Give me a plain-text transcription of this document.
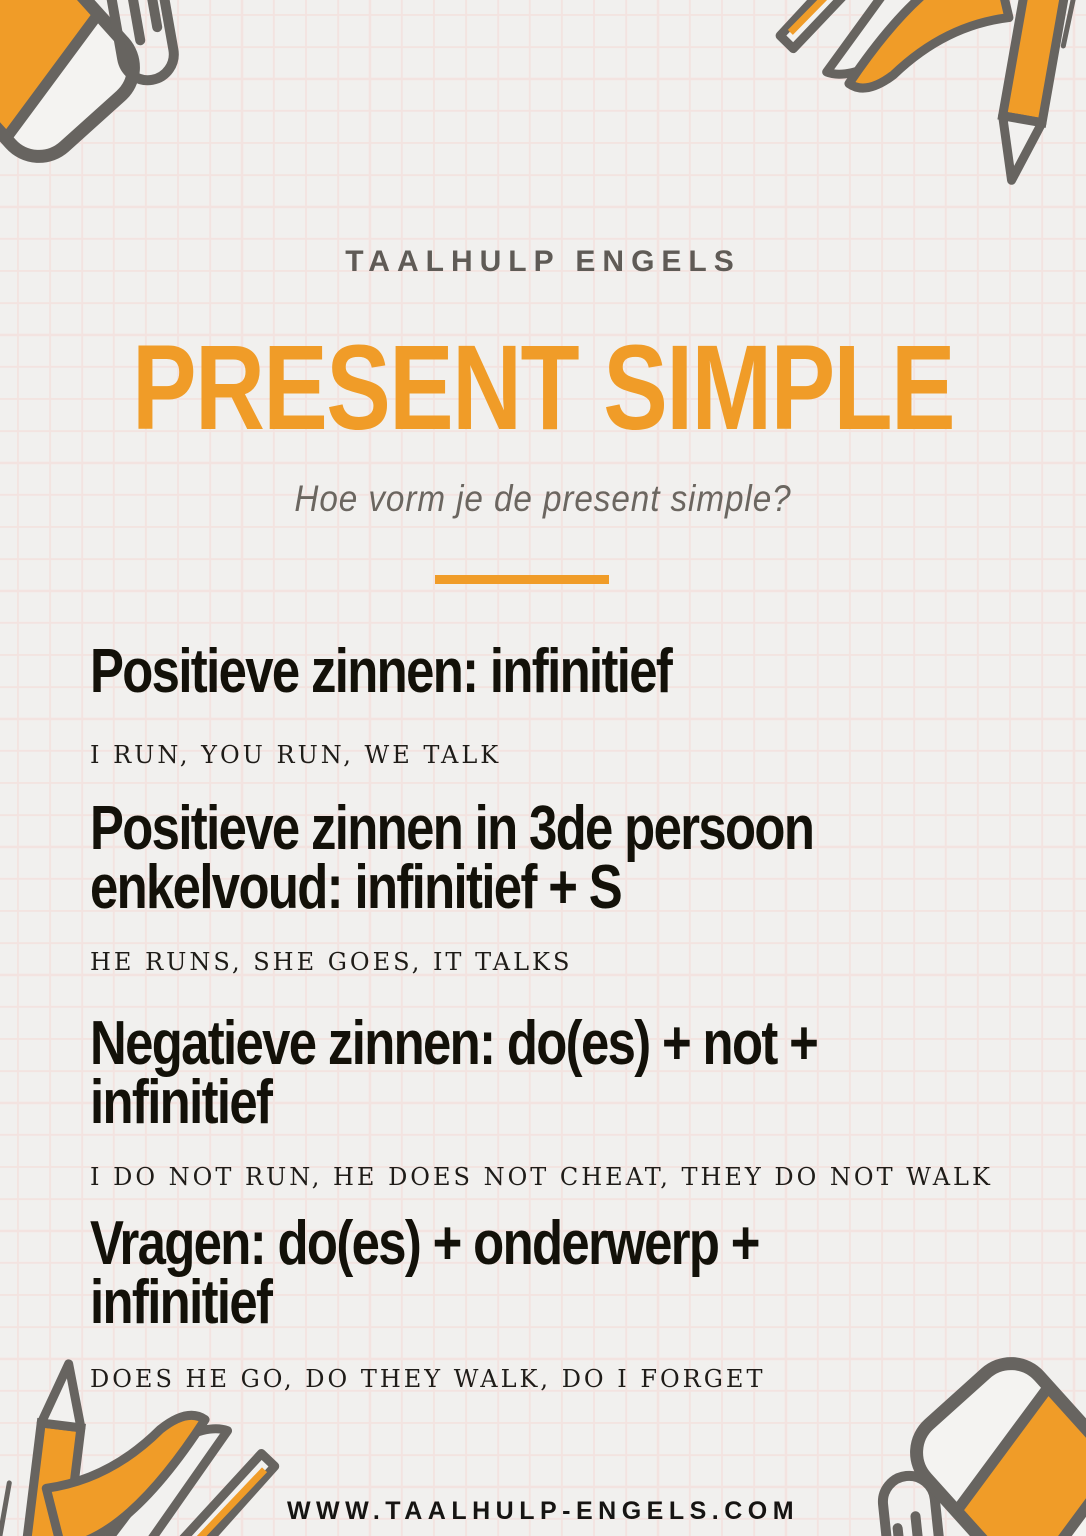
TAALHULP ENGELS
PRESENT SIMPLE
Hoe vorm je de present simple?
Positieve zinnen: infinitief
I RUN, YOU RUN, WE TALK
Positieve zinnen in 3de persoon
enkelvoud: infinitief + S
HE RUNS, SHE GOES, IT TALKS
Negatieve zinnen: do(es) + not +
infinitief
I DO NOT RUN, HE DOES NOT CHEAT, THEY DO NOT WALK
Vragen: do(es) + onderwerp +
infinitief
DOES HE GO, DO THEY WALK, DO I FORGET
WWW.TAALHULP-ENGELS.COM
